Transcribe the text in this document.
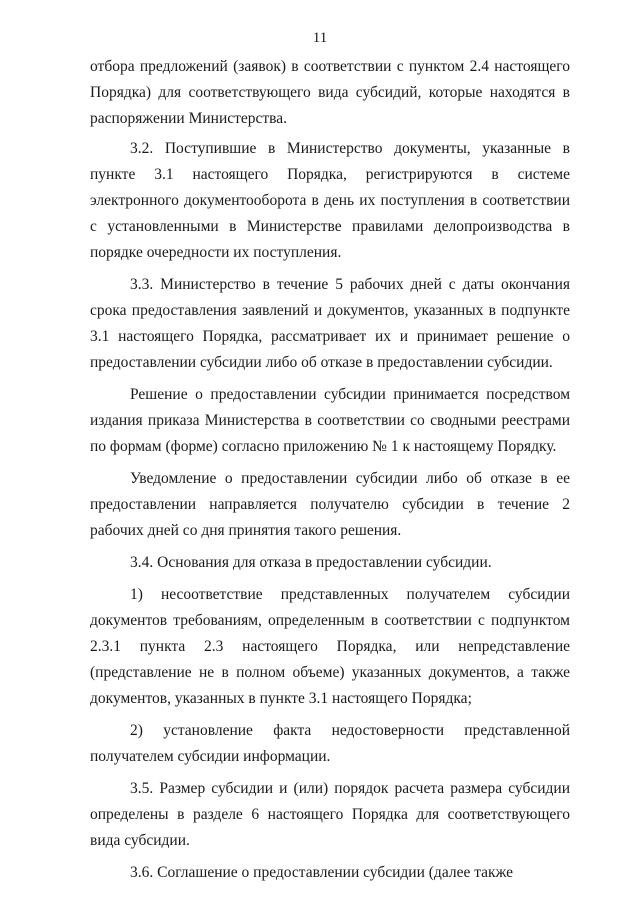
11

отбора предложений (заявок) в соответствии с пунктом 2.4 настоящего Порядка) для соответствующего вида субсидий, которые находятся в распоряжении Министерства.

3.2. Поступившие в Министерство документы, указанные в пункте 3.1 настоящего Порядка, регистрируются в системе электронного документооборота в день их поступления в соответствии с установленными в Министерстве правилами делопроизводства в порядке очередности их поступления.

3.3. Министерство в течение 5 рабочих дней с даты окончания срока предоставления заявлений и документов, указанных в подпункте 3.1 настоящего Порядка, рассматривает их и принимает решение о предоставлении субсидии либо об отказе в предоставлении субсидии.

Решение о предоставлении субсидии принимается посредством издания приказа Министерства в соответствии со сводными реестрами по формам (форме) согласно приложению № 1 к настоящему Порядку.

Уведомление о предоставлении субсидии либо об отказе в ее предоставлении направляется получателю субсидии в течение 2 рабочих дней со дня принятия такого решения.

3.4. Основания для отказа в предоставлении субсидии.

1) несоответствие представленных получателем субсидии документов требованиям, определенным в соответствии с подпунктом 2.3.1 пункта 2.3 настоящего Порядка, или непредставление (представление не в полном объеме) указанных документов, а также документов, указанных в пункте 3.1 настоящего Порядка;

2) установление факта недостоверности представленной получателем субсидии информации.

3.5. Размер субсидии и (или) порядок расчета размера субсидии определены в разделе 6 настоящего Порядка для соответствующего вида субсидии.

3.6. Соглашение о предоставлении субсидии (далее также
